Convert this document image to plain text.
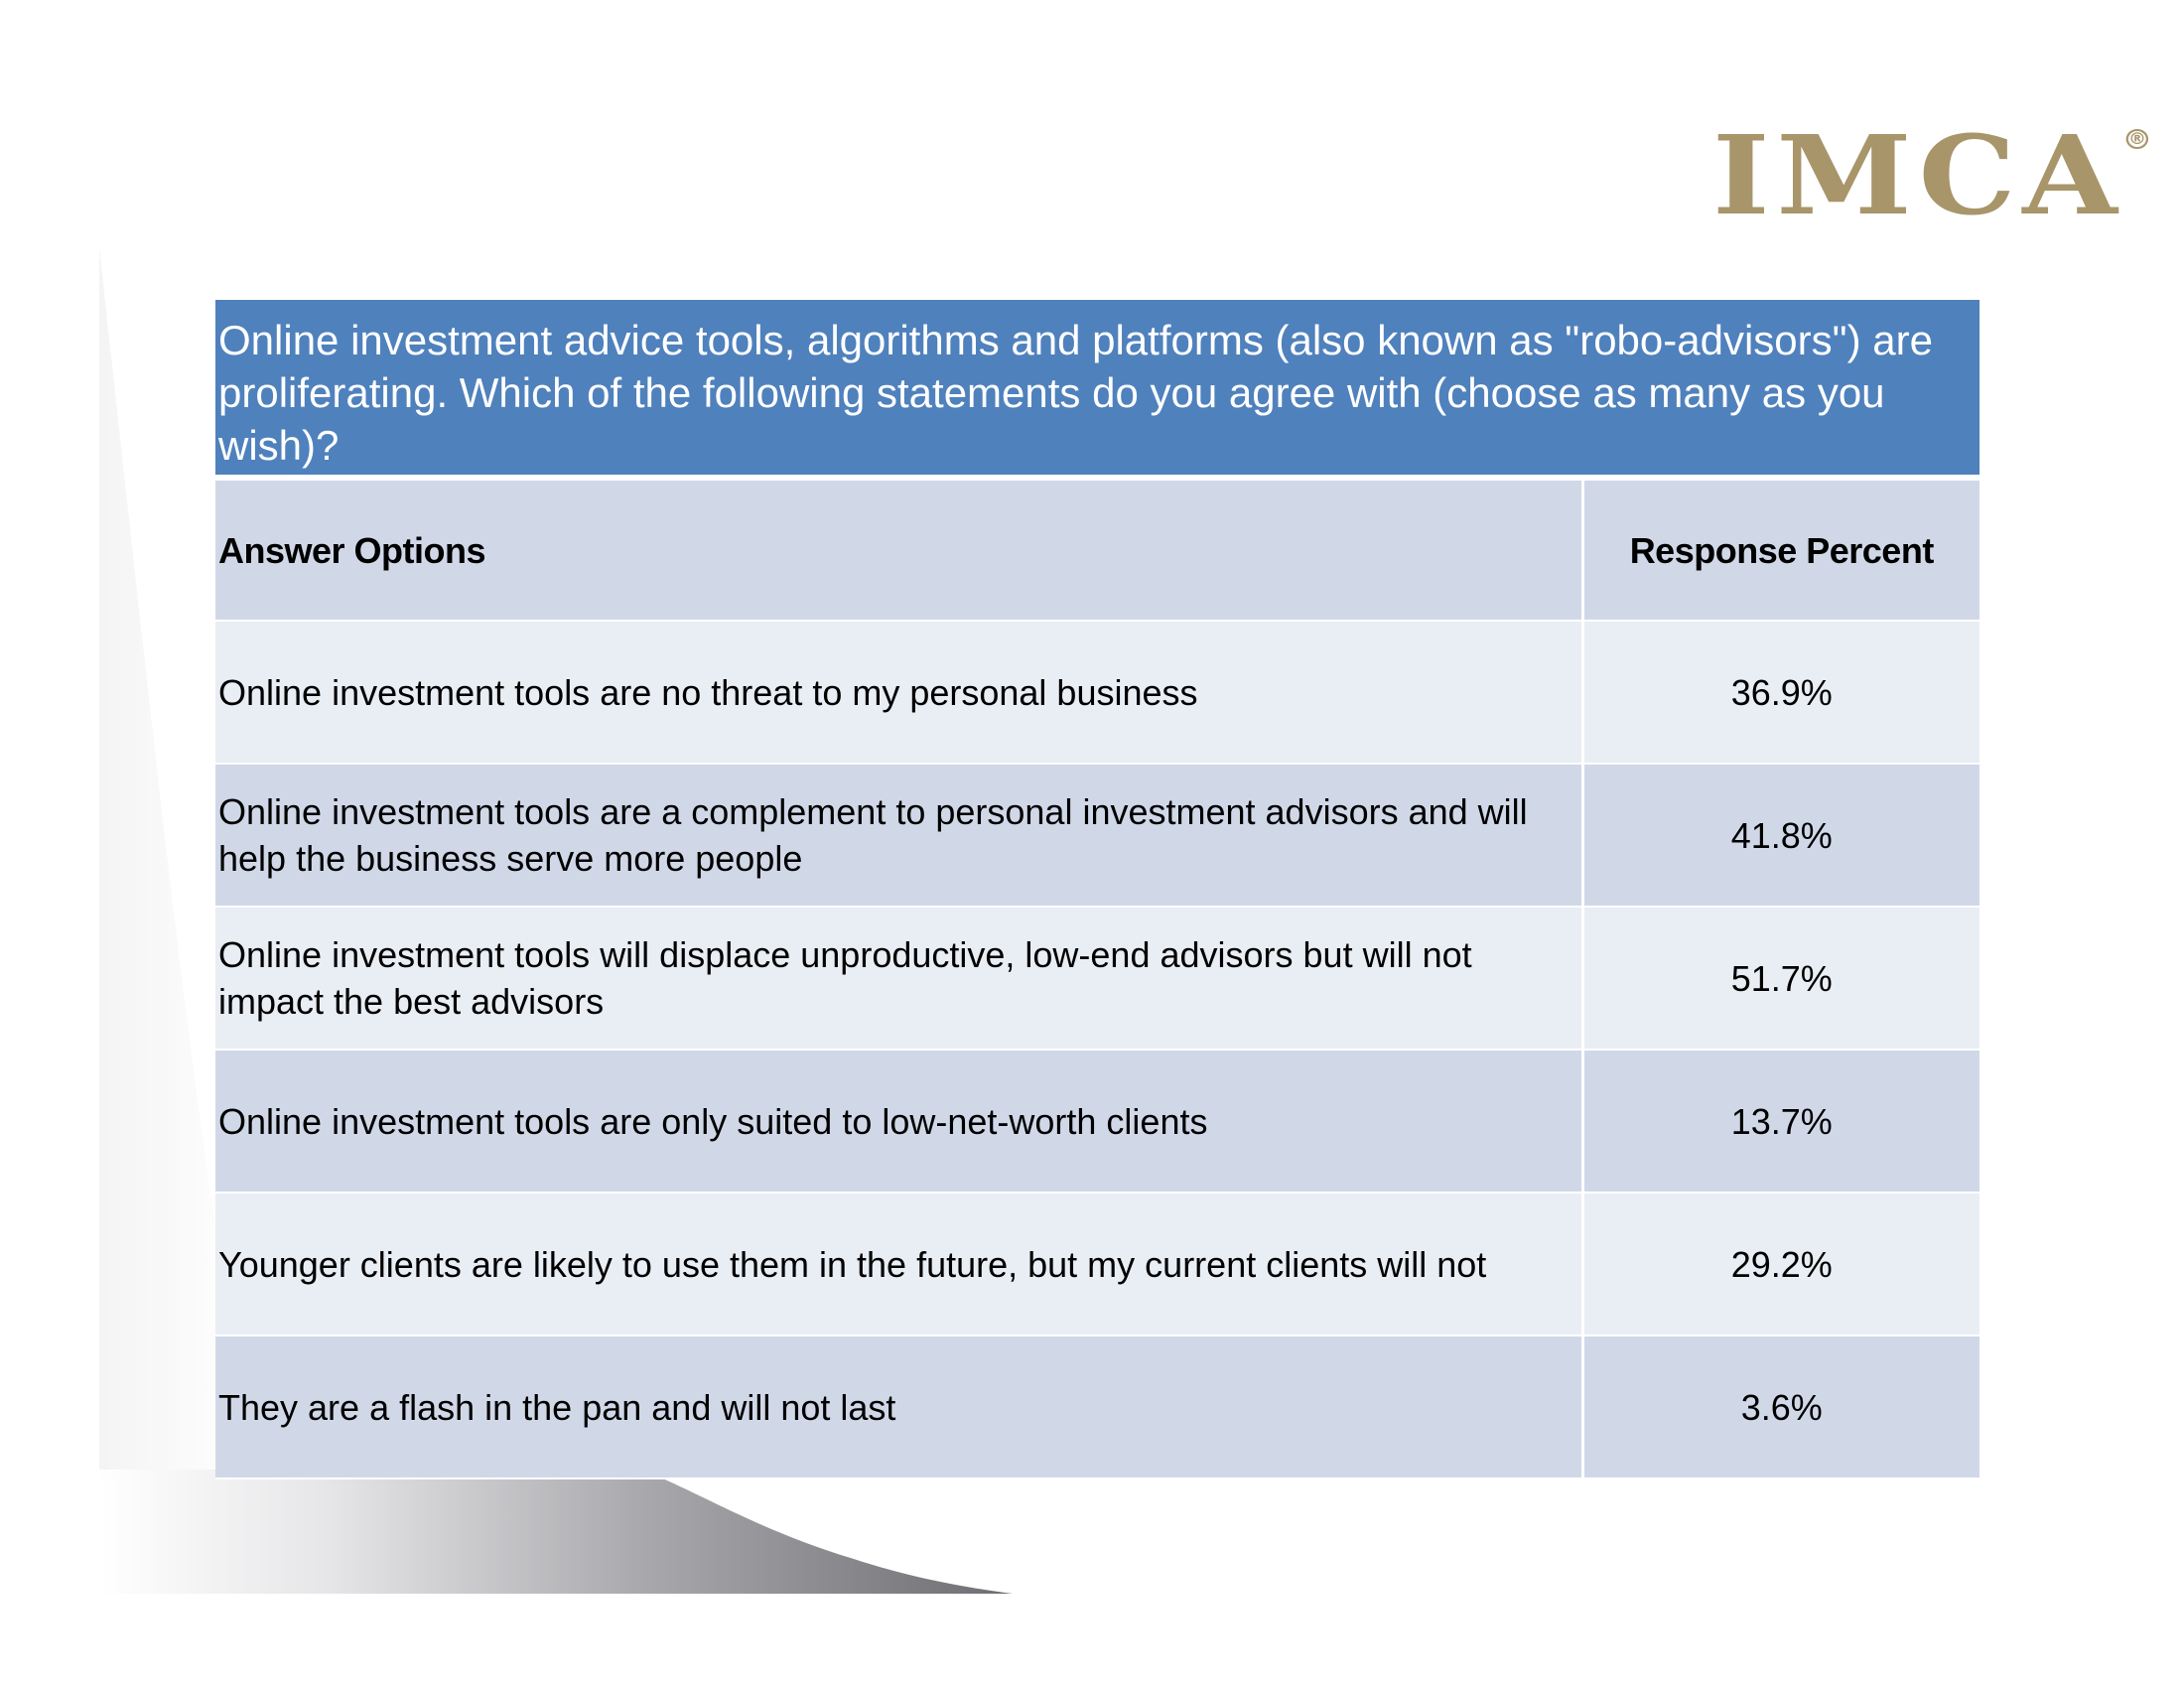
IMCA ®
Online investment advice tools, algorithms and platforms (also known as "robo-advisors") are proliferating. Which of the following statements do you agree with (choose as many as you wish)?
Answer Options	Response Percent
Online investment tools are no threat to my personal business	36.9%
Online investment tools are a complement to personal investment advisors and will help the business serve more people	41.8%
Online investment tools will displace unproductive, low-end advisors but will not impact the best advisors	51.7%
Online investment tools are only suited to low-net-worth clients	13.7%
Younger clients are likely to use them in the future, but my current clients will not	29.2%
They are a flash in the pan and will not last	3.6%
